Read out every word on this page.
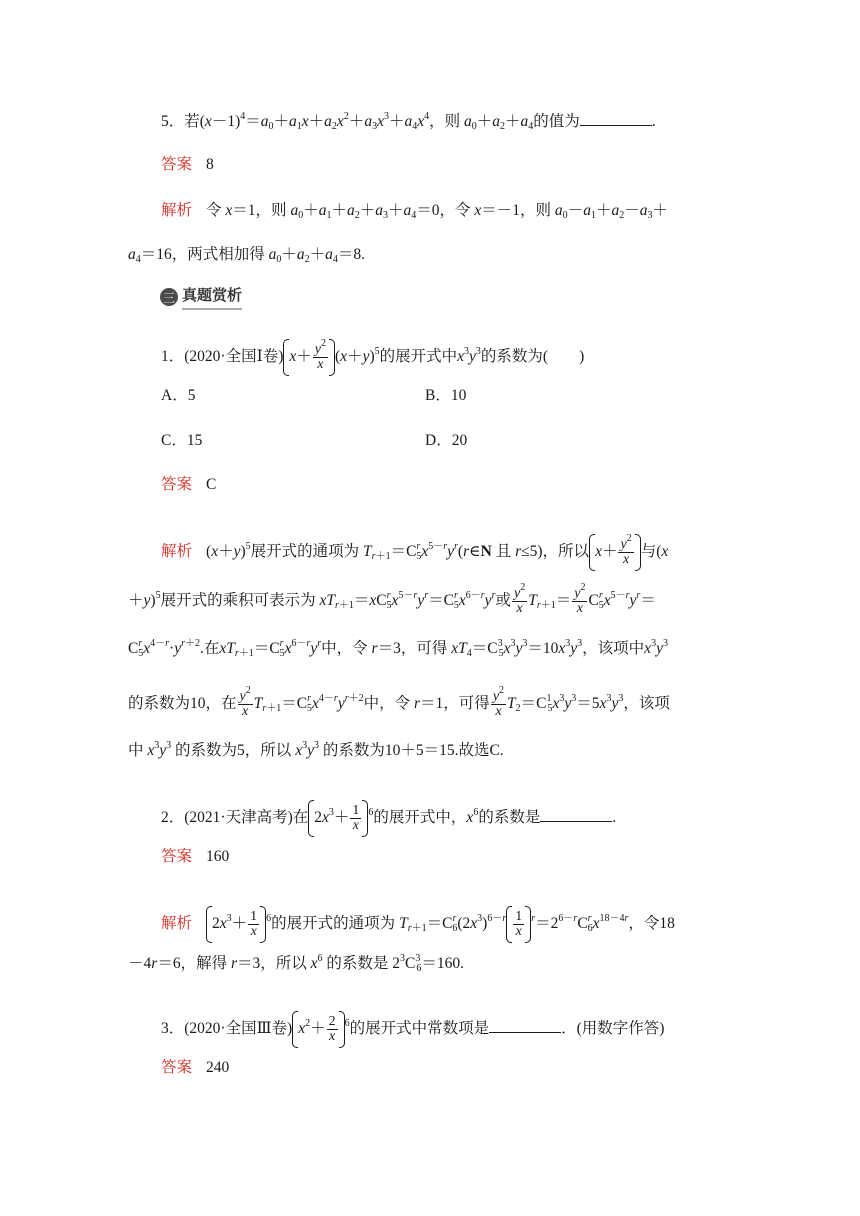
5．若$(x-1)^4=a_0+a_1x+a_2x^2+a_3x^3+a_4x^4$，则 $a_0+a_2+a_4$的值为	.
答案 8
解析 令 x＝1，则 $a_0+a_1+a_2+a_3+a_4=0$，令 x＝－1，则 $a_0-a_1+a_2-a_3+$
$a_4=16$，两式相加得 $a_0+a_2+a_4=8$.
三 真题赏析
1．(2020·全国Ⅰ卷) $x+ \frac{y^2}{x} (x+y)^5$的展开式中$x^3y^3$的系数为(　　)
A．5	B．10
C．15	D．20
答案 C
解析 $(x+y)^5$展开式的通项为 $T_{r+1}=C^r_5x^{5-r}y^r(r\in N$ 且 r≤5)，所以 $x+ \frac{y^2}{x}$ 与(x
＋y)$^5$展开式的乘积可表示为 $xT_{r+1}=xC^r_5x^{5-r}y^r=C^r_5x^{6-r}y^r$或 $\frac{y^2}{x} T_{r+1}= \frac{y^2}{x} C^r_5x^{5-r}y^r=$
$C^r_5x^{4-r}\cdot y^{r+2}$.在$xT_{r+1}=C^r_5x^{6-r}y^r$中，令 r＝3，可得 $xT_4=C^3_5x^3y^3=10x^3y^3$，该项中$x^3y^3$
的系数为10，在 $\frac{y^2}{x} T_{r+1}=C^r_5x^{4-r}y^{r+2}$中，令 r＝1，可得 $\frac{y^2}{x} T_2=C^1_5x^3y^3=5x^3y^3$，该项
中 $x^3y^3$ 的系数为5，所以 $x^3y^3$ 的系数为10＋5＝15.故选C.
2．(2021·天津高考)在 $2x^3+ \frac{1}{x} ^6$的展开式中，$x^6$的系数是	.
答案 160
解析 $2x^3+ \frac{1}{x} ^6$的展开式的通项为 $T_{r+1}=C^r_6(2x^3)^{6-r} \frac{1}{x} ^r=2^{6-r}C^r_6x^{18-4r}$，令18
－4r＝6，解得 r＝3，所以 $x^6$ 的系数是 $2^3C^3_6=160$.
3．(2020·全国Ⅲ卷) $x^2+ \frac{2}{x} ^6$的展开式中常数项是	．(用数字作答)
答案 240
